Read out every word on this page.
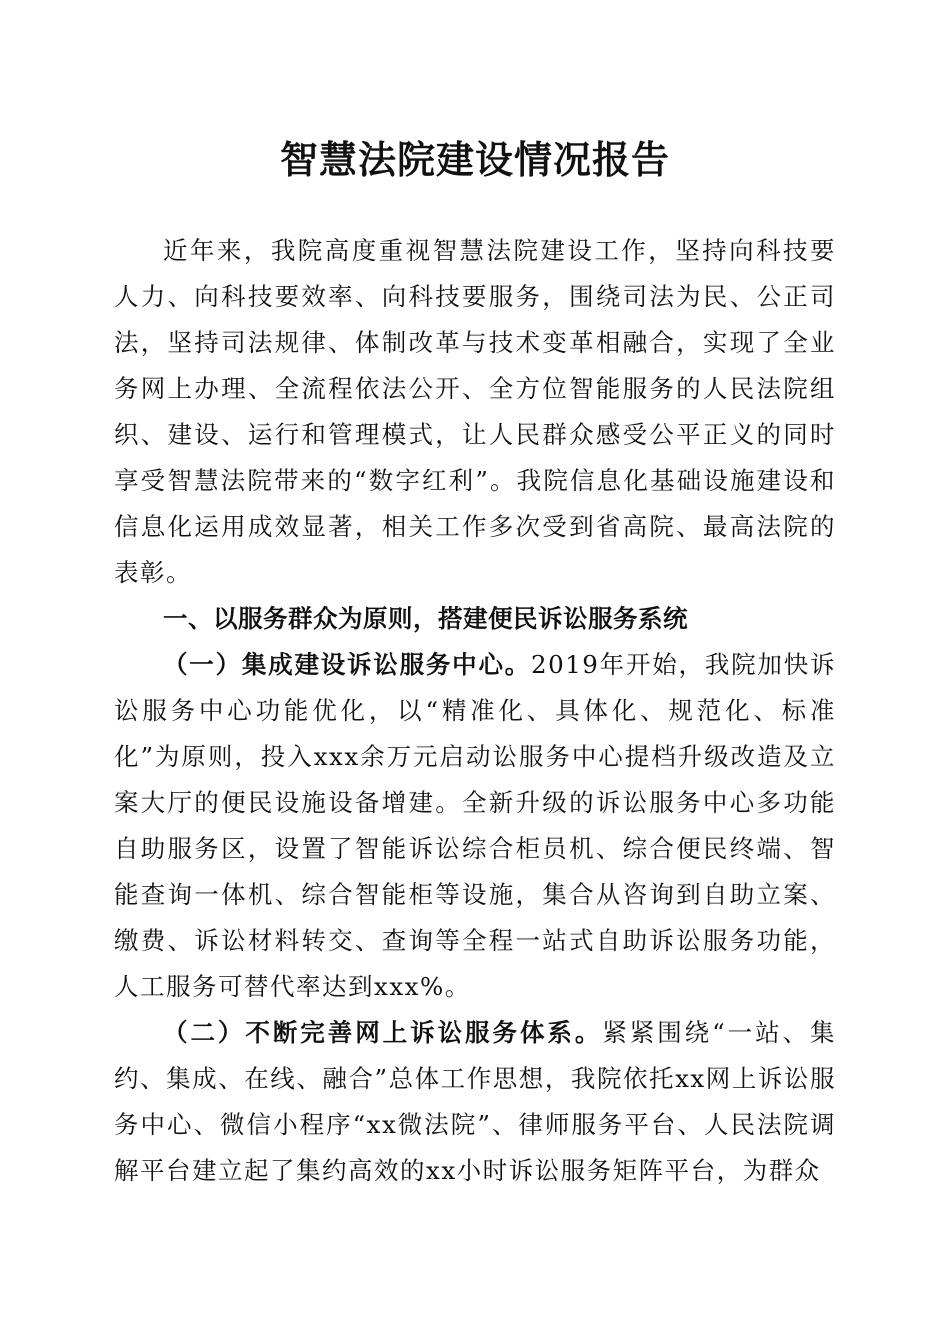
智慧法院建设情况报告

近年来，我院高度重视智慧法院建设工作，坚持向科技要人力、向科技要效率、向科技要服务，围绕司法为民、公正司法，坚持司法规律、体制改革与技术变革相融合，实现了全业务网上办理、全流程依法公开、全方位智能服务的人民法院组织、建设、运行和管理模式，让人民群众感受公平正义的同时享受智慧法院带来的“数字红利”。我院信息化基础设施建设和信息化运用成效显著，相关工作多次受到省高院、最高法院的表彰。

一、以服务群众为原则，搭建便民诉讼服务系统

（一）集成建设诉讼服务中心。2019年开始，我院加快诉讼服务中心功能优化，以“精准化、具体化、规范化、标准化”为原则，投入xxx余万元启动讼服务中心提档升级改造及立案大厅的便民设施设备增建。全新升级的诉讼服务中心多功能自助服务区，设置了智能诉讼综合柜员机、综合便民终端、智能查询一体机、综合智能柜等设施，集合从咨询到自助立案、缴费、诉讼材料转交、查询等全程一站式自助诉讼服务功能，人工服务可替代率达到xxx%。

（二）不断完善网上诉讼服务体系。紧紧围绕“一站、集约、集成、在线、融合”总体工作思想，我院依托xx网上诉讼服务中心、微信小程序“xx微法院”、律师服务平台、人民法院调解平台建立起了集约高效的xx小时诉讼服务矩阵平台，为群众
